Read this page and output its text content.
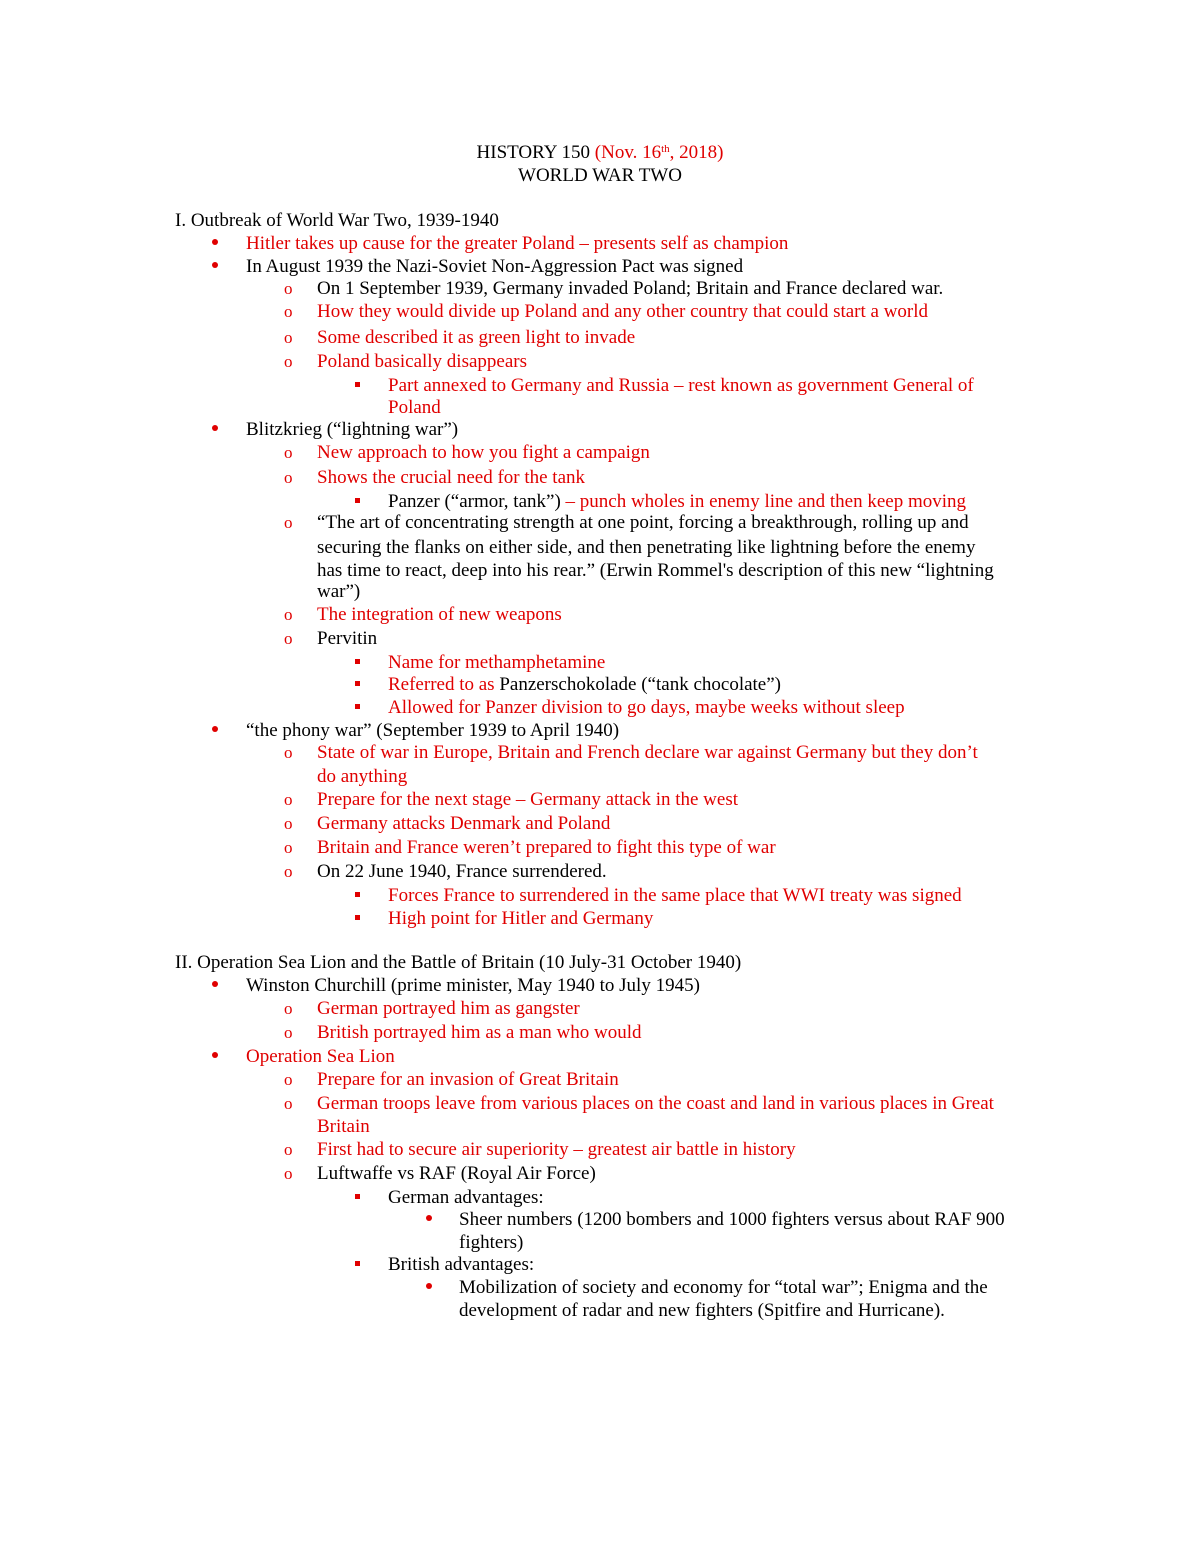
HISTORY 150 (Nov. 16th, 2018)
WORLD WAR TWO
I. Outbreak of World War Two, 1939-1940
Hitler takes up cause for the greater Poland – presents self as champion
In August 1939 the Nazi-Soviet Non-Aggression Pact was signed
o On 1 September 1939, Germany invaded Poland; Britain and France declared war.
o How they would divide up Poland and any other country that could start a world
o Some described it as green light to invade
o Poland basically disappears
Part annexed to Germany and Russia – rest known as government General of
Poland
Blitzkrieg (“lightning war”)
o New approach to how you fight a campaign
o Shows the crucial need for the tank
Panzer (“armor, tank”) – punch wholes in enemy line and then keep moving
o “The art of concentrating strength at one point, forcing a breakthrough, rolling up and
securing the flanks on either side, and then penetrating like lightning before the enemy
has time to react, deep into his rear.” (Erwin Rommel's description of this new “lightning
war”)
o The integration of new weapons
o Pervitin
Name for methamphetamine
Referred to as Panzerschokolade (“tank chocolate”)
Allowed for Panzer division to go days, maybe weeks without sleep
“the phony war” (September 1939 to April 1940)
o State of war in Europe, Britain and French declare war against Germany but they don’t
do anything
o Prepare for the next stage – Germany attack in the west
o Germany attacks Denmark and Poland
o Britain and France weren’t prepared to fight this type of war
o On 22 June 1940, France surrendered.
Forces France to surrendered in the same place that WWI treaty was signed
High point for Hitler and Germany
II. Operation Sea Lion and the Battle of Britain (10 July-31 October 1940)
Winston Churchill (prime minister, May 1940 to July 1945)
o German portrayed him as gangster
o British portrayed him as a man who would
Operation Sea Lion
o Prepare for an invasion of Great Britain
o German troops leave from various places on the coast and land in various places in Great
Britain
o First had to secure air superiority – greatest air battle in history
o Luftwaffe vs RAF (Royal Air Force)
German advantages:
Sheer numbers (1200 bombers and 1000 fighters versus about RAF 900
fighters)
British advantages:
Mobilization of society and economy for “total war”; Enigma and the
development of radar and new fighters (Spitfire and Hurricane).
